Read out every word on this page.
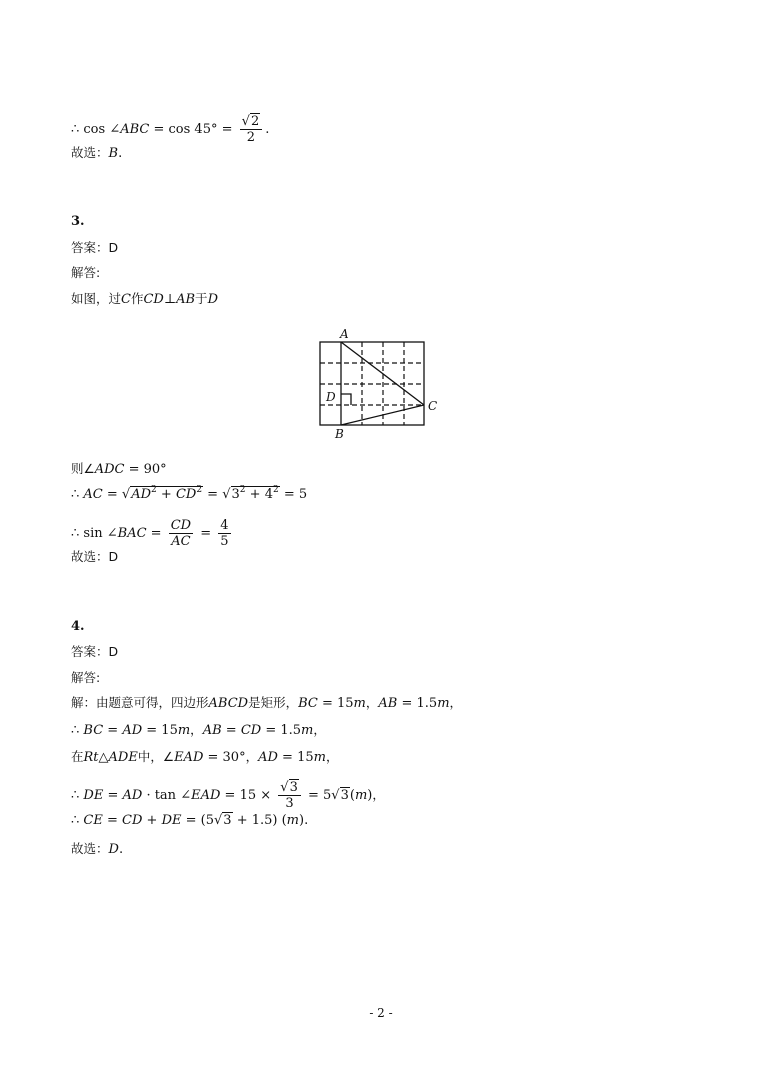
∴ cos ∠ABC = $\cos 45^\circ = \frac{√2}{2}$ .
故选：B.
3.
答案：D
解答:
如图，过C作CD⊥AB于D
A
B
C
D
则∠ADC = 90°
∴ AC = $√AD^2 + CD^2 = √3^2 + 4^2 = 5$
∴ sin ∠BAC = $\frac{CD}{AC} = \frac{4}{5}$
故选：D
4.
答案：D
解答:
解：由题意可得，四边形ABCD是矩形，BC = 15m，AB = 1.5m，
∴ BC = AD = 15m，AB = CD = 1.5m，
在Rt△ADE中，∠EAD = 30°，AD = 15m，
∴ DE = AD · tan ∠EAD = $15 \times \frac{√3}{3} = 5√3(m)$，
∴ CE = CD + DE = (5√3 + 1.5) (m).
故选：D.
- 2 -
